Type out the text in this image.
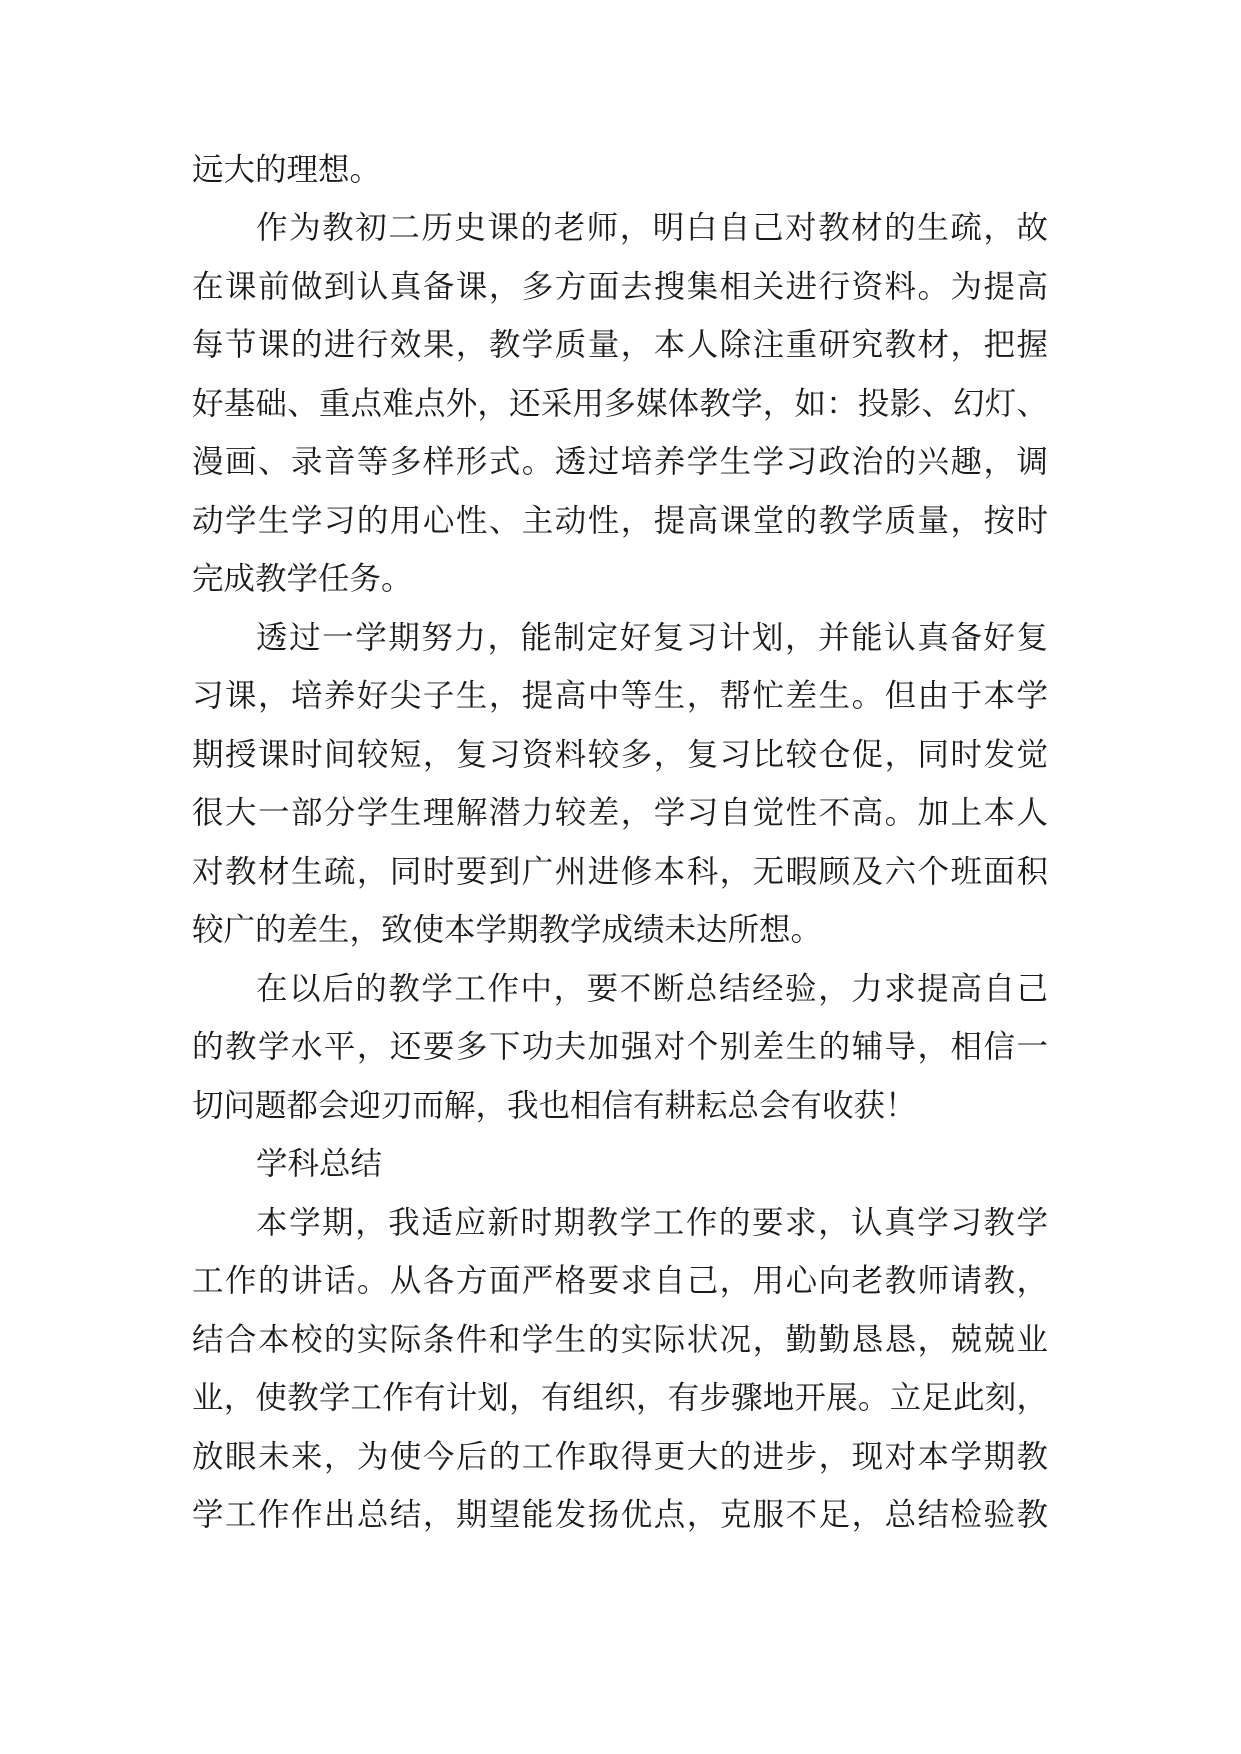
远大的理想。

作为教初二历史课的老师，明白自己对教材的生疏，故

在课前做到认真备课，多方面去搜集相关进行资料。为提高

每节课的进行效果，教学质量，本人除注重研究教材，把握

好基础、重点难点外，还采用多媒体教学，如：投影、幻灯、

漫画、录音等多样形式。透过培养学生学习政治的兴趣，调

动学生学习的用心性、主动性，提高课堂的教学质量，按时

完成教学任务。

透过一学期努力，能制定好复习计划，并能认真备好复

习课，培养好尖子生，提高中等生，帮忙差生。但由于本学

期授课时间较短，复习资料较多，复习比较仓促，同时发觉

很大一部分学生理解潜力较差，学习自觉性不高。加上本人

对教材生疏，同时要到广州进修本科，无暇顾及六个班面积

较广的差生，致使本学期教学成绩未达所想。

在以后的教学工作中，要不断总结经验，力求提高自己

的教学水平，还要多下功夫加强对个别差生的辅导，相信一

切问题都会迎刃而解，我也相信有耕耘总会有收获！

学科总结

本学期，我适应新时期教学工作的要求，认真学习教学

工作的讲话。从各方面严格要求自己，用心向老教师请教，

结合本校的实际条件和学生的实际状况，勤勤恳恳，兢兢业

业，使教学工作有计划，有组织，有步骤地开展。立足此刻，

放眼未来，为使今后的工作取得更大的进步，现对本学期教

学工作作出总结，期望能发扬优点，克服不足，总结检验教
